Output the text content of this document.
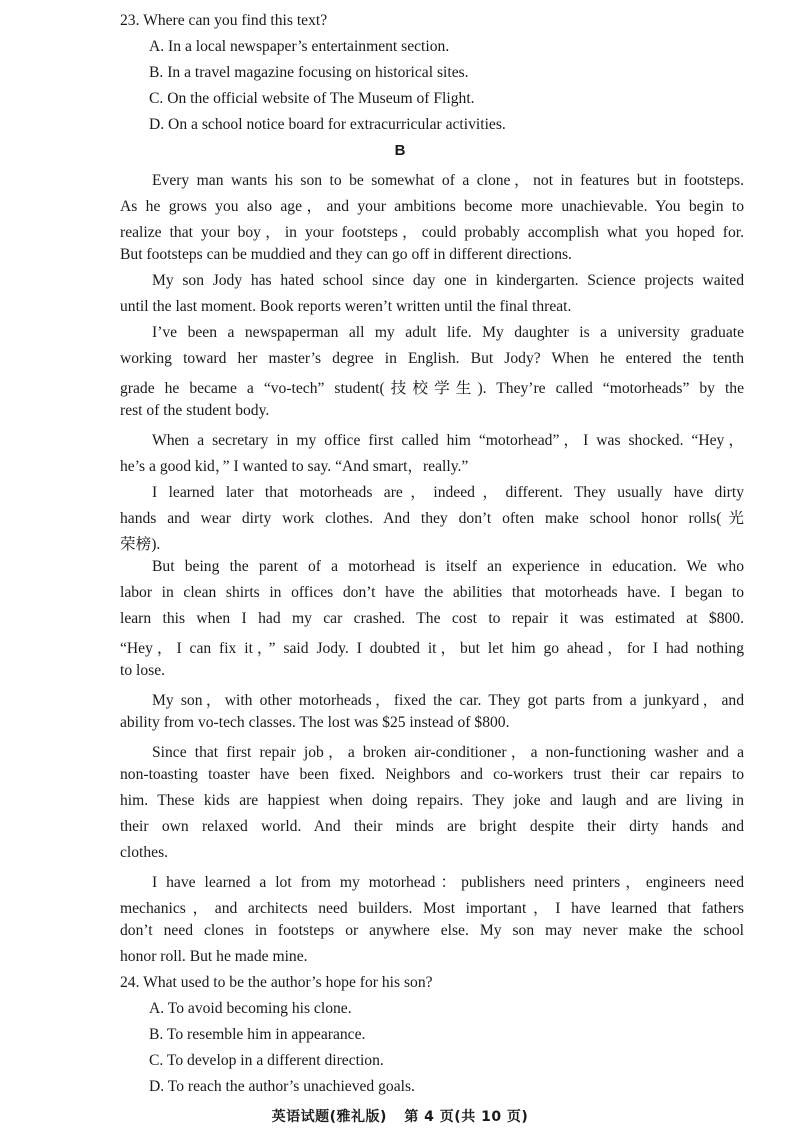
23. Where can you find this text?
A. In a local newspaper’s entertainment section.
B. In a travel magazine focusing on historical sites.
C. On the official website of The Museum of Flight.
D. On a school notice board for extracurricular activities.
B
Every man wants his son to be somewhat of a clone，not in features but in footsteps.
As he grows you also age，and your ambitions become more unachievable. You begin to
realize that your boy，in your footsteps，could probably accomplish what you hoped for.
But footsteps can be muddied and they can go off in different directions.
My son Jody has hated school since day one in kindergarten. Science projects waited
until the last moment. Book reports weren’t written until the final threat.
I’ve been a newspaperman all my adult life. My daughter is a university graduate
working toward her master’s degree in English. But Jody? When he entered the tenth
grade he became a “vo-tech” student(技校学生). They’re called “motorheads” by the
rest of the student body.
When a secretary in my office first called him “motorhead”，I was shocked. “Hey，
he’s a good kid，” I wanted to say. “And smart，really.”
I learned later that motorheads are，indeed，different. They usually have dirty
hands and wear dirty work clothes. And they don’t often make school honor rolls(光
荣榜).
But being the parent of a motorhead is itself an experience in education. We who
labor in clean shirts in offices don’t have the abilities that motorheads have. I began to
learn this when I had my car crashed. The cost to repair it was estimated at $800.
“Hey，I can fix it，” said Jody. I doubted it，but let him go ahead，for I had nothing
to lose.
My son，with other motorheads，fixed the car. They got parts from a junkyard，and
ability from vo-tech classes. The lost was $25 instead of $800.
Since that first repair job，a broken air-conditioner，a non-functioning washer and a
non-toasting toaster have been fixed. Neighbors and co-workers trust their car repairs to
him. These kids are happiest when doing repairs. They joke and laugh and are living in
their own relaxed world. And their minds are bright despite their dirty hands and
clothes.
I have learned a lot from my motorhead：publishers need printers，engineers need
mechanics，and architects need builders. Most important，I have learned that fathers
don’t need clones in footsteps or anywhere else. My son may never make the school
honor roll. But he made mine.
24. What used to be the author’s hope for his son?
A. To avoid becoming his clone.
B. To resemble him in appearance.
C. To develop in a different direction.
D. To reach the author’s unachieved goals.
英语试题(雅礼版) 第 4 页(共 10 页)
